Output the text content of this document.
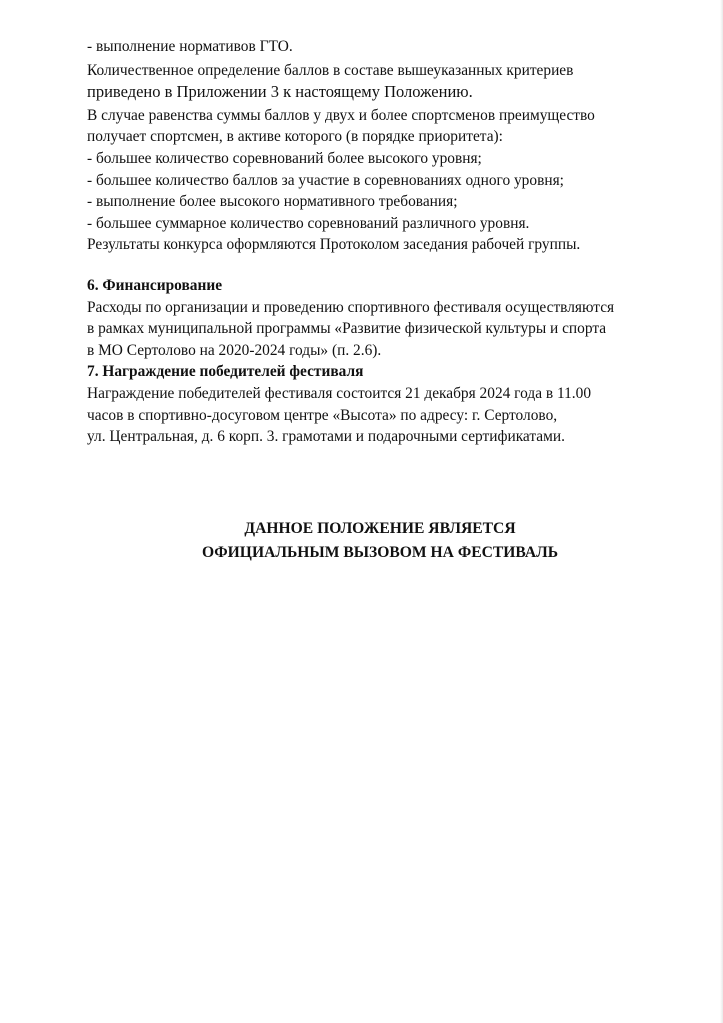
- выполнение нормативов ГТО.

Количественное определение баллов в составе вышеуказанных критериев

приведено в Приложении 3 к настоящему Положению.

В случае равенства суммы баллов у двух и более спортсменов преимущество

получает спортсмен, в активе которого (в порядке приоритета):

- большее количество соревнований более высокого уровня;

- большее количество баллов за участие в соревнованиях одного уровня;

- выполнение более высокого нормативного требования;

- большее суммарное количество соревнований различного уровня.

Результаты конкурса оформляются Протоколом заседания рабочей группы.

6. Финансирование

Расходы по организации и проведению спортивного фестиваля осуществляются

в рамках муниципальной программы «Развитие физической культуры и спорта

в МО Сертолово на 2020-2024 годы» (п. 2.6).

7. Награждение победителей фестиваля

Награждение победителей фестиваля состоится 21 декабря 2024 года в 11.00

часов в спортивно-досуговом центре «Высота» по адресу: г. Сертолово,

ул. Центральная, д. 6 корп. 3. грамотами и подарочными сертификатами.

ДАННОЕ ПОЛОЖЕНИЕ ЯВЛЯЕТСЯ
ОФИЦИАЛЬНЫМ ВЫЗОВОМ НА ФЕСТИВАЛЬ
